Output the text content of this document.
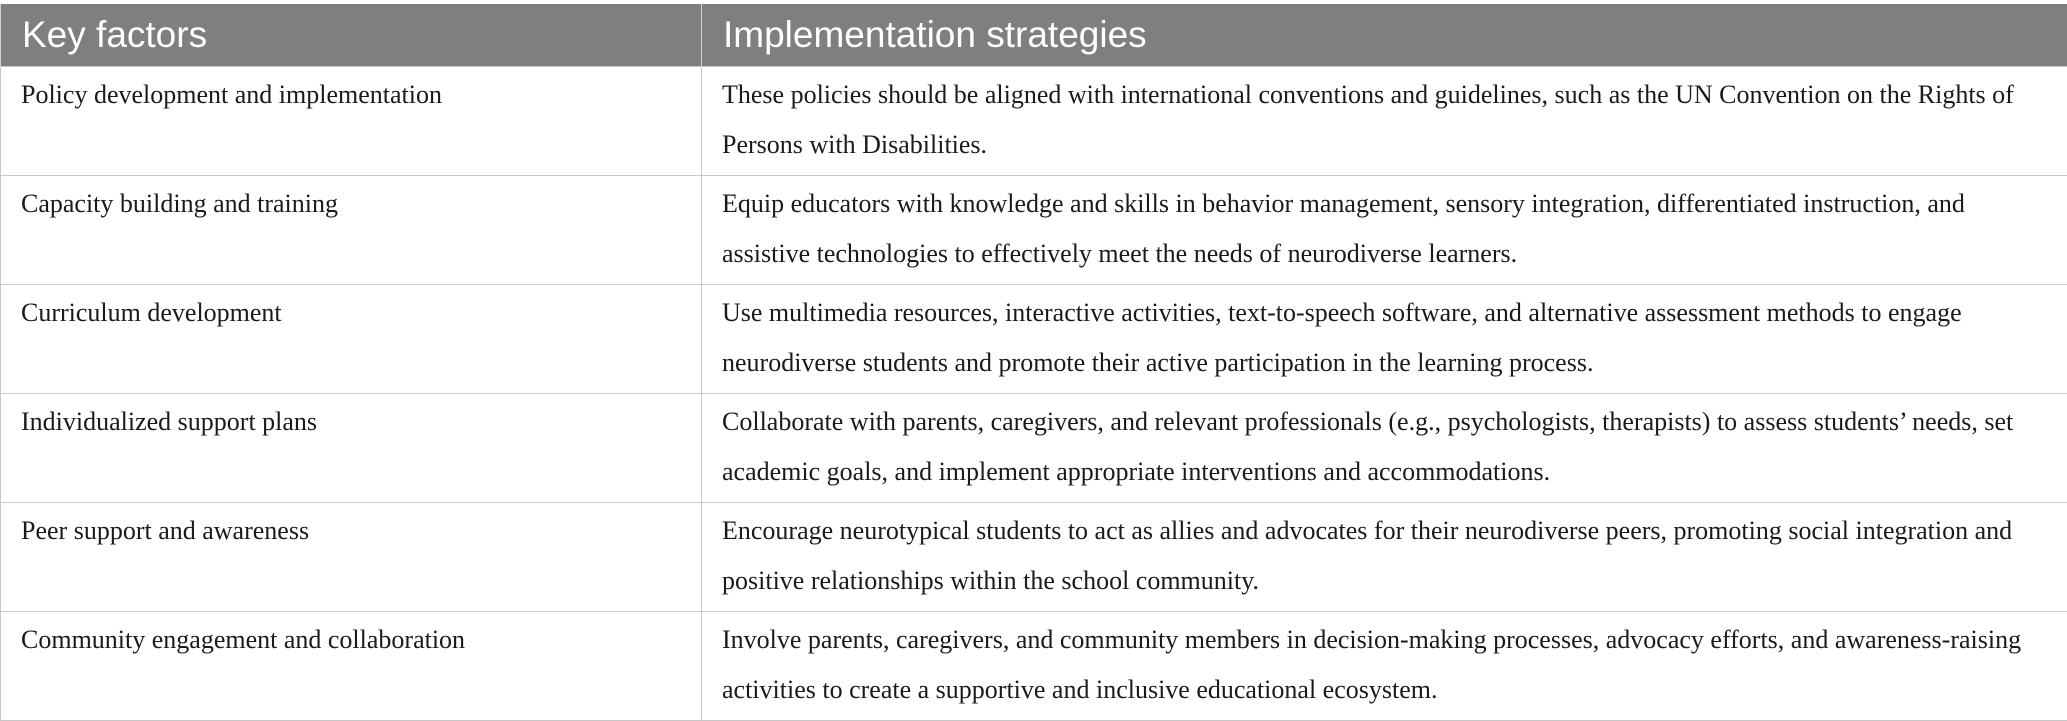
Key factors	Implementation strategies
Policy development and implementation	These policies should be aligned with international conventions and guidelines, such as the UN Convention on the Rights of Persons with Disabilities.
Capacity building and training	Equip educators with knowledge and skills in behavior management, sensory integration, differentiated instruction, and assistive technologies to effectively meet the needs of neurodiverse learners.
Curriculum development	Use multimedia resources, interactive activities, text-to-speech software, and alternative assessment methods to engage neurodiverse students and promote their active participation in the learning process.
Individualized support plans	Collaborate with parents, caregivers, and relevant professionals (e.g., psychologists, therapists) to assess students’ needs, set academic goals, and implement appropriate interventions and accommodations.
Peer support and awareness	Encourage neurotypical students to act as allies and advocates for their neurodiverse peers, promoting social integration and positive relationships within the school community.
Community engagement and collaboration	Involve parents, caregivers, and community members in decision-making processes, advocacy efforts, and awareness-raising activities to create a supportive and inclusive educational ecosystem.
